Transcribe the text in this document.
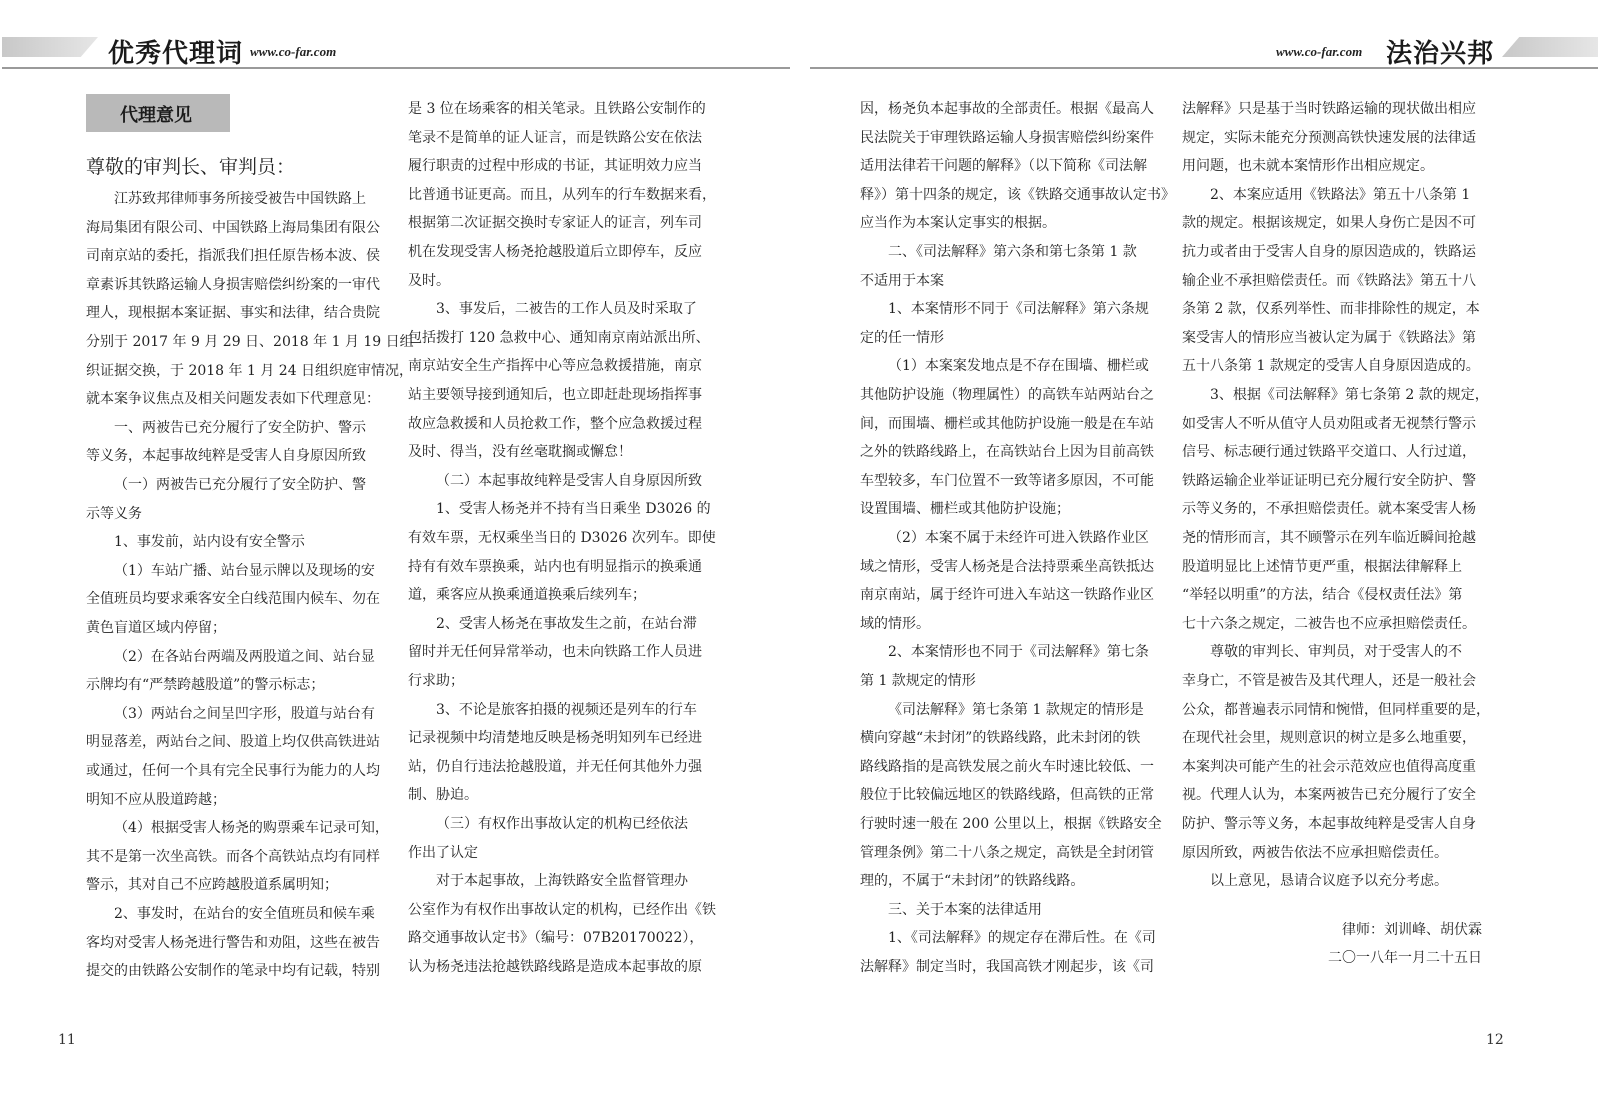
优秀代理词 www.co-far.com	www.co-far.com 法治兴邦
代理意见
尊敬的审判长、审判员：
江苏致邦律师事务所接受被告中国铁路上
海局集团有限公司、中国铁路上海局集团有限公
司南京站的委托，指派我们担任原告杨本波、侯
章素诉其铁路运输人身损害赔偿纠纷案的一审代
理人，现根据本案证据、事实和法律，结合贵院
分别于 2017 年 9 月 29 日、2018 年 1 月 19 日组
织证据交换，于 2018 年 1 月 24 日组织庭审情况，
就本案争议焦点及相关问题发表如下代理意见：
一、两被告已充分履行了安全防护、警示
等义务，本起事故纯粹是受害人自身原因所致
（一）两被告已充分履行了安全防护、警
示等义务
1、事发前，站内设有安全警示
（1）车站广播、站台显示牌以及现场的安
全值班员均要求乘客安全白线范围内候车、勿在
黄色盲道区域内停留；
（2）在各站台两端及两股道之间、站台显
示牌均有“严禁跨越股道”的警示标志；
（3）两站台之间呈凹字形，股道与站台有
明显落差，两站台之间、股道上均仅供高铁进站
或通过，任何一个具有完全民事行为能力的人均
明知不应从股道跨越；
（4）根据受害人杨尧的购票乘车记录可知，
其不是第一次坐高铁。而各个高铁站点均有同样
警示，其对自己不应跨越股道系属明知；
2、事发时，在站台的安全值班员和候车乘
客均对受害人杨尧进行警告和劝阻，这些在被告
提交的由铁路公安制作的笔录中均有记载，特别
是 3 位在场乘客的相关笔录。且铁路公安制作的
笔录不是简单的证人证言，而是铁路公安在依法
履行职责的过程中形成的书证，其证明效力应当
比普通书证更高。而且，从列车的行车数据来看，
根据第二次证据交换时专家证人的证言，列车司
机在发现受害人杨尧抢越股道后立即停车，反应
及时。
3、事发后，二被告的工作人员及时采取了
包括拨打 120 急救中心、通知南京南站派出所、
南京站安全生产指挥中心等应急救援措施，南京
站主要领导接到通知后，也立即赶赴现场指挥事
故应急救援和人员抢救工作，整个应急救援过程
及时、得当，没有丝毫耽搁或懈怠！
（二）本起事故纯粹是受害人自身原因所致
1、受害人杨尧并不持有当日乘坐 D3026 的
有效车票，无权乘坐当日的 D3026 次列车。即使
持有有效车票换乘，站内也有明显指示的换乘通
道，乘客应从换乘通道换乘后续列车；
2、受害人杨尧在事故发生之前，在站台滞
留时并无任何异常举动，也未向铁路工作人员进
行求助；
3、不论是旅客拍摄的视频还是列车的行车
记录视频中均清楚地反映是杨尧明知列车已经进
站，仍自行违法抢越股道，并无任何其他外力强
制、胁迫。
（三）有权作出事故认定的机构已经依法
作出了认定
对于本起事故，上海铁路安全监督管理办
公室作为有权作出事故认定的机构，已经作出《铁
路交通事故认定书》（编号：07B20170022），
认为杨尧违法抢越铁路线路是造成本起事故的原
因，杨尧负本起事故的全部责任。根据《最高人
民法院关于审理铁路运输人身损害赔偿纠纷案件
适用法律若干问题的解释》（以下简称《司法解
释》）第十四条的规定，该《铁路交通事故认定书》
应当作为本案认定事实的根据。
二、《司法解释》第六条和第七条第 1 款
不适用于本案
1、本案情形不同于《司法解释》第六条规
定的任一情形
（1）本案案发地点是不存在围墙、栅栏或
其他防护设施（物理属性）的高铁车站两站台之
间，而围墙、栅栏或其他防护设施一般是在车站
之外的铁路线路上，在高铁站台上因为目前高铁
车型较多，车门位置不一致等诸多原因，不可能
设置围墙、栅栏或其他防护设施；
（2）本案不属于未经许可进入铁路作业区
域之情形，受害人杨尧是合法持票乘坐高铁抵达
南京南站，属于经许可进入车站这一铁路作业区
域的情形。
2、本案情形也不同于《司法解释》第七条
第 1 款规定的情形
《司法解释》第七条第 1 款规定的情形是
横向穿越“未封闭”的铁路线路，此未封闭的铁
路线路指的是高铁发展之前火车时速比较低、一
般位于比较偏远地区的铁路线路，但高铁的正常
行驶时速一般在 200 公里以上，根据《铁路安全
管理条例》第二十八条之规定，高铁是全封闭管
理的，不属于“未封闭”的铁路线路。
三、关于本案的法律适用
1、《司法解释》的规定存在滞后性。在《司
法解释》制定当时，我国高铁才刚起步，该《司
法解释》只是基于当时铁路运输的现状做出相应
规定，实际未能充分预测高铁快速发展的法律适
用问题，也未就本案情形作出相应规定。
2、本案应适用《铁路法》第五十八条第 1
款的规定。根据该规定，如果人身伤亡是因不可
抗力或者由于受害人自身的原因造成的，铁路运
输企业不承担赔偿责任。而《铁路法》第五十八
条第 2 款，仅系列举性、而非排除性的规定，本
案受害人的情形应当被认定为属于《铁路法》第
五十八条第 1 款规定的受害人自身原因造成的。
3、根据《司法解释》第七条第 2 款的规定，
如受害人不听从值守人员劝阻或者无视禁行警示
信号、标志硬行通过铁路平交道口、人行过道，
铁路运输企业举证证明已充分履行安全防护、警
示等义务的，不承担赔偿责任。就本案受害人杨
尧的情形而言，其不顾警示在列车临近瞬间抢越
股道明显比上述情节更严重，根据法律解释上
“举轻以明重”的方法，结合《侵权责任法》第
七十六条之规定，二被告也不应承担赔偿责任。
尊敬的审判长、审判员，对于受害人的不
幸身亡，不管是被告及其代理人，还是一般社会
公众，都普遍表示同情和惋惜，但同样重要的是，
在现代社会里，规则意识的树立是多么地重要，
本案判决可能产生的社会示范效应也值得高度重
视。代理人认为，本案两被告已充分履行了安全
防护、警示等义务，本起事故纯粹是受害人自身
原因所致，两被告依法不应承担赔偿责任。
以上意见，恳请合议庭予以充分考虑。
律师：刘训峰、胡伏霖
二〇一八年一月二十五日
11	12
